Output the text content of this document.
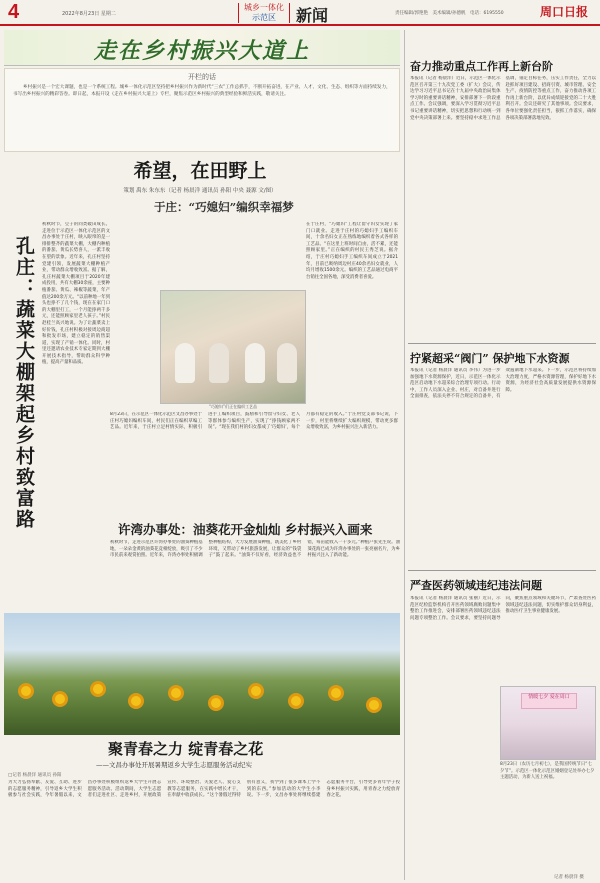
4	2022年8月23日 星期二
城乡一体化
示范区	新闻	责任编辑/郭艳艳　美术编辑/孙德帆　电话：6195550	周口日报
走在乡村振兴大道上
开栏的话
乡村振兴是一个宏大课题，也是一个系统工程。城乡一体化示范区坚持把乡村振兴作为新时代“三农”工作总抓手，不断开拓奋进，在产业、人才、文化、生态、组织等方面持续发力，书写出乡村振兴的精彩答卷。即日起，本报开设《走在乡村振兴大道上》专栏，聚焦示范区乡村振兴的典型经验和鲜活实践，敬请关注。
希望，在田野上
策划 禹东 朱东东（记者 杨晨洋 通讯员 孙阳 中央 聂源 文/图）
于庄：“巧媳妇”编织幸福梦
孔庄：蔬菜大棚架起乡村致富路
初秋时节，豆子的同类破田成长。走进位于示范区一体化示范区的文昌办事处于庄村，映入眼帘的是一排排整齐的蔬菜大棚，大棚内种植的番茄、黄瓜长势喜人，一派丰收在望的景象。近年来，孔庄村坚持党建引领，发展蔬菜大棚种植产业，带动群众增收致富。据了解，孔庄村蔬菜大棚项目于2020年建成投用，共有大棚30余座，主要种植番茄、黄瓜、辣椒等蔬菜，年产值达200余万元。“以前种地一年到头也挣不了几个钱，现在在家门口的大棚里打工，一个月能挣两千多元，还能照顾家里老人孩子。”村民赵桂兰高兴地说。为了让蔬菜卖上好价钱，孔庄村积极对接周边商超和批发市场，建立稳定的销售渠道，实现了产销一体化。同时，村里还邀请农业技术专家定期到大棚开展技术指导，帮助群众科学种植，提高产量和品质。
“巧媳妇”们正在编织工艺品
在于庄村，“巧媳妇”工程让留守妇女实现了家门口就业。走进于庄村的巧媳妇手工编织车间，十余名妇女正在熟练地编织着各式各样的工艺品。“在这里上班时间自由，活不累，还能照顾家里。”正在编织的村民王秀芝说。据介绍，于庄村巧媳妇手工编织车间成立于2021年，目前已吸纳周边村庄40余名妇女就业，人均月增收1500余元。编织的工艺品通过电商平台销往全国各地，深受消费者喜爱。
8月23日，在示范区一体化示范区文昌办事处于庄村巧媳妇编织车间，村民们正在编织草编工艺品。近年来，于庄村立足村情实际，积极引进手工编织项目，鼓励和引导留守妇女、老人等群体参与编织生产，实现了“挣钱顾家两不误”。“现在我们村的妇女都成了‘巧媳妇’，每个月都有稳定的收入。”于庄村党支部书记说，下一步，村里将继续扩大编织规模，带动更多群众增收致富，为乡村振兴注入新活力。
许湾办事处：油葵花开金灿灿 乡村振兴入画来
初秋时节，走进示范区许湾办事处的油葵种植基地，一朵朵金黄的油葵花竞相绽放，吸引了不少市民前来观赏拍照。近年来，许湾办事处积极调整种植结构，大力发展油葵种植，既美化了乡村环境，又带动了乡村旅游发展，让群众的“钱袋子”鼓了起来。“油葵不仅好看，经济效益也不错，每亩能收入一千多元。”种植户张先生说。油葵花海已成为许湾办事处的一张亮丽名片，为乡村振兴注入了新动能。
聚青春之力 绽青春之花
——文昌办事处开展暑期返乡大学生志愿服务活动纪实
□记者 杨晨洋 通讯员 孙阳
为大力弘扬奉献、友爱、互助、进步的志愿服务精神，引导返乡大学生积极参与社会实践，今年暑假以来，文昌办事处积极组织返乡大学生开展志愿服务活动。活动期间，大学生志愿者们走进社区、走进乡村，开展政策宣传、环境整治、关爱老人、爱心支教等志愿服务，在实践中增长才干，在奉献中收获成长。“这个暑假过得特别有意义，我学到了很多课本上学不到的东西。”参加活动的大学生小李说。下一步，文昌办事处将继续搭建志愿服务平台，引导更多青年学子投身乡村振兴实践，用青春之力绽放青春之花。
奋力推动重点工作再上新台阶
本报讯（记者 杨晨洋）近日，示范区一体化示范区召开第三十九次党工委（扩大）会议，传达学习习近平总书记在十九届中央政治局集体学习时的重要讲话精神，安排部署下一阶段重点工作。会议强调，要深入学习贯彻习近平总书记重要讲话精神，切实把思想和行动统一到党中央决策部署上来。要坚持稳中求进工作总基调，锚定目标任务，压实工作责任，全力以赴抓好项目建设、招商引资、城市管理、安全生产、疫情防控等重点工作，奋力推动各项工作再上新台阶，以优异成绩迎接党的二十大胜利召开。会议还研究了其他事项。会议要求，各单位要强化责任担当，狠抓工作落实，确保各项决策部署落地见效。
拧紧超采“阀门” 保护地下水资源
本报讯（记者 杨晨洋 通讯员 李伟）为进一步加强地下水资源保护，近日，示范区一体化示范区启动地下水超采综合治理专项行动。行动中，工作人员深入企业、村庄，对自备井进行全面排查，依法关停不符合规定的自备井，有效遏制地下水超采。下一步，示范区将持续加大治理力度，严格水资源管理，保护好地下水资源，为经济社会高质量发展提供水资源保障。
严查医药领域违纪违法问题
本报讯（记者 杨晨洋 通讯员 张丽）近日，示范区纪检监察机构召开医药领域腐败问题集中整治工作推进会，安排部署医药领域违纪违法问题专项整治工作。会议要求，要坚持问题导向，聚焦重点领域和关键环节，严肃查处医药领域违纪违法问题，切实维护群众切身利益，推动医疗卫生事业健康发展。
情暖七夕 爱在周口
8月23日（农历七月初七），是我国传统节日“七夕节”。示范区一体化示范区婚姻登记处举办七夕主题活动，为新人送上祝福。
记者 杨晨洋 摄
